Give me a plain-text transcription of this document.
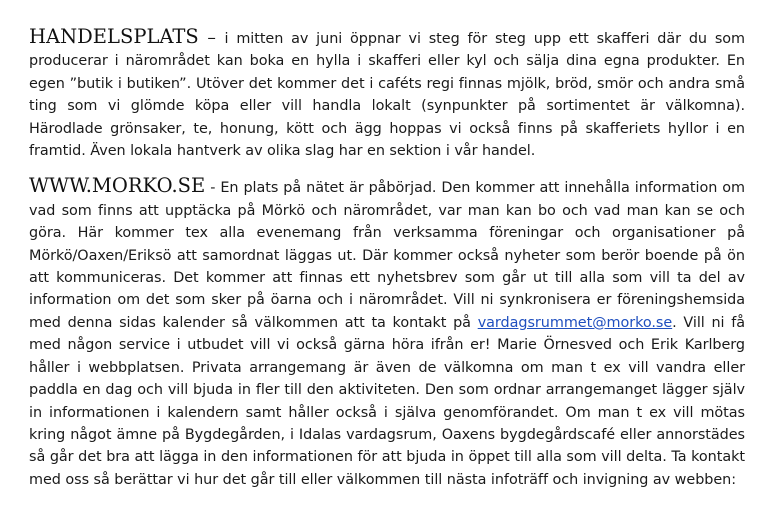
HANDELSPLATS – i mitten av juni öppnar vi steg för steg upp ett skafferi där du som producerar i närområdet kan boka en hylla i skafferi eller kyl och sälja dina egna produkter. En egen ”butik i butiken”. Utöver det kommer det i caféts regi finnas mjölk, bröd, smör och andra små ting som vi glömde köpa eller vill handla lokalt (synpunkter på sortimentet är välkomna). Härodlade grönsaker, te, honung, kött och ägg hoppas vi också finns på skafferiets hyllor i en framtid. Även lokala hantverk av olika slag har en sektion i vår handel.

WWW.MORKO.SE - En plats på nätet är påbörjad. Den kommer att innehålla information om vad som finns att upptäcka på Mörkö och närområdet, var man kan bo och vad man kan se och göra. Här kommer tex alla evenemang från verksamma föreningar och organisationer på Mörkö/Oaxen/Eriksö att samordnat läggas ut. Där kommer också nyheter som berör boende på ön att kommuniceras. Det kommer att finnas ett nyhetsbrev som går ut till alla som vill ta del av information om det som sker på öarna och i närområdet. Vill ni synkronisera er föreningshemsida med denna sidas kalender så välkommen att ta kontakt på vardagsrummet@morko.se. Vill ni få med någon service i utbudet vill vi också gärna höra ifrån er! Marie Örnesved och Erik Karlberg håller i webbplatsen. Privata arrangemang är även de välkomna om man t ex vill vandra eller paddla en dag och vill bjuda in fler till den aktiviteten. Den som ordnar arrangemanget lägger själv in informationen i kalendern samt håller också i själva genomförandet. Om man t ex vill mötas kring något ämne på Bygdegården, i Idalas vardagsrum, Oaxens bygdegårdscafé eller annorstädes så går det bra att lägga in den informationen för att bjuda in öppet till alla som vill delta. Ta kontakt med oss så berättar vi hur det går till eller välkommen till nästa infoträff och invigning av webben:
